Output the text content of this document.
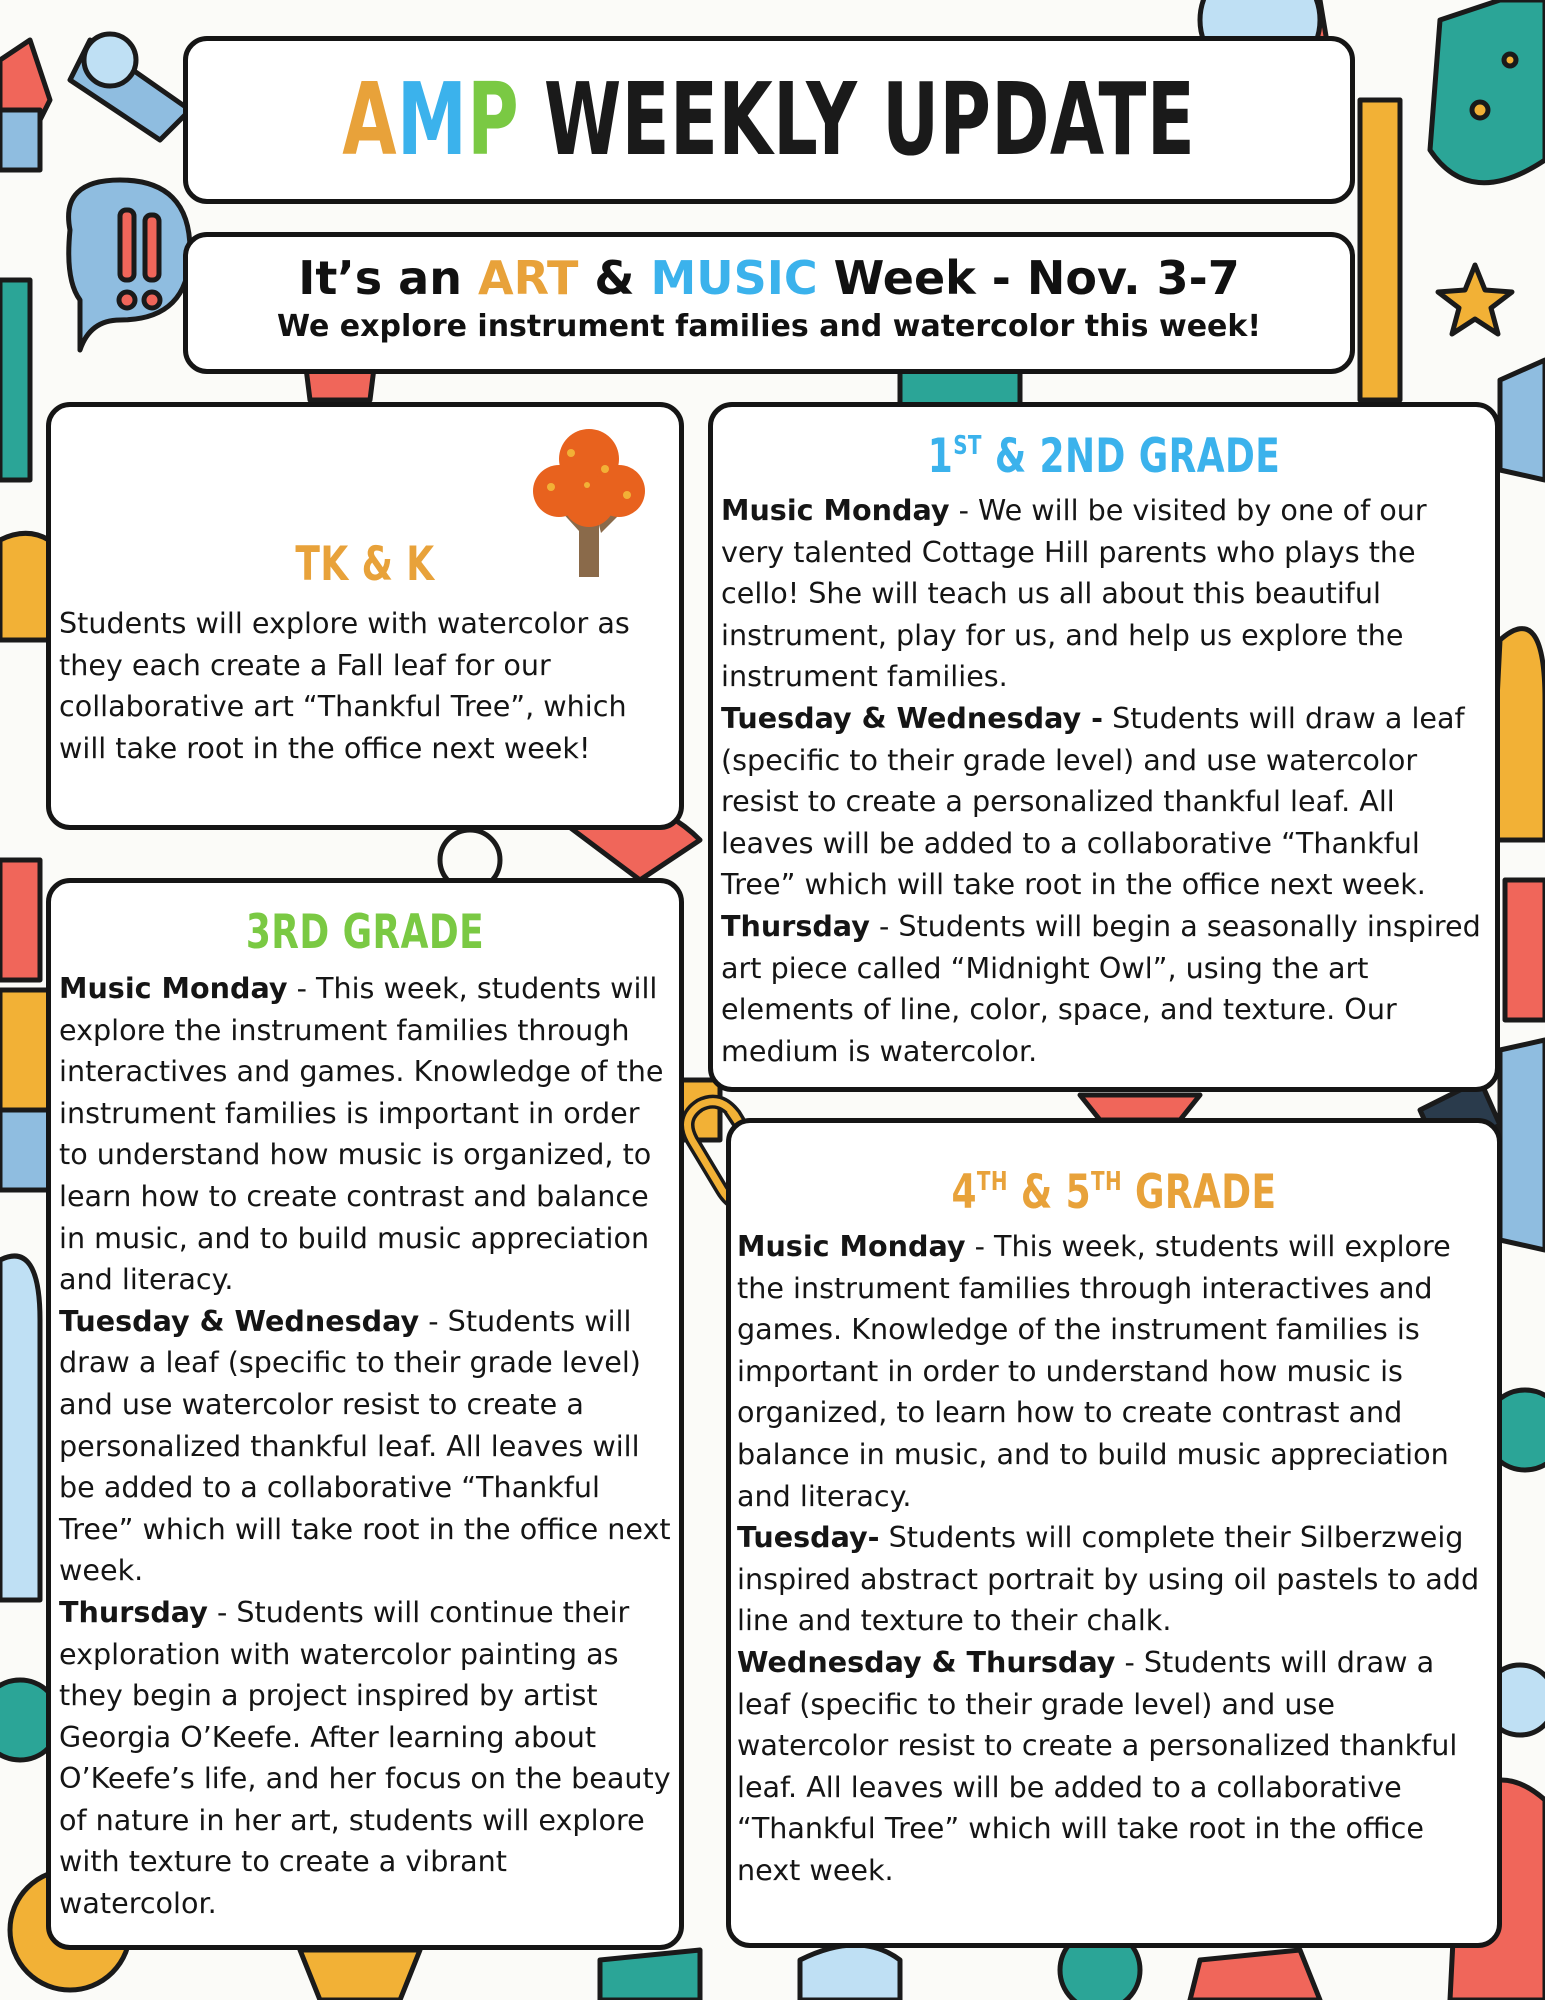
AMP WEEKLY UPDATE
It’s an ART & MUSIC Week - Nov. 3-7
We explore instrument families and watercolor this week!
TK & K
Students will explore with watercolor as they each create a Fall leaf for our collaborative art “Thankful Tree”, which will take root in the office next week!
1ST & 2ND GRADE

Music Monday - We will be visited by one of our very talented Cottage Hill parents who plays the cello! She will teach us all about this beautiful instrument, play for us, and help us explore the instrument families.

Tuesday & Wednesday - Students will draw a leaf (specific to their grade level) and use watercolor resist to create a personalized thankful leaf. All leaves will be added to a collaborative “Thankful Tree” which will take root in the office next week.

Thursday - Students will begin a seasonally inspired art piece called “Midnight Owl”, using the art elements of line, color, space, and texture. Our medium is watercolor.

3RD GRADE

Music Monday - This week, students will explore the instrument families through interactives and games. Knowledge of the instrument families is important in order to understand how music is organized, to learn how to create contrast and balance in music, and to build music appreciation and literacy.

Tuesday & Wednesday - Students will draw a leaf (specific to their grade level) and use watercolor resist to create a personalized thankful leaf. All leaves will be added to a collaborative “Thankful Tree” which will take root in the office next week.

Thursday - Students will continue their exploration with watercolor painting as they begin a project inspired by artist Georgia O’Keefe. After learning about O’Keefe’s life, and her focus on the beauty of nature in her art, students will explore with texture to create a vibrant watercolor.

4TH & 5TH GRADE

Music Monday - This week, students will explore the instrument families through interactives and games. Knowledge of the instrument families is important in order to understand how music is organized, to learn how to create contrast and balance in music, and to build music appreciation and literacy.

Tuesday- Students will complete their Silberzweig inspired abstract portrait by using oil pastels to add line and texture to their chalk.

Wednesday & Thursday - Students will draw a leaf (specific to their grade level) and use watercolor resist to create a personalized thankful leaf. All leaves will be added to a collaborative “Thankful Tree” which will take root in the office next week.
